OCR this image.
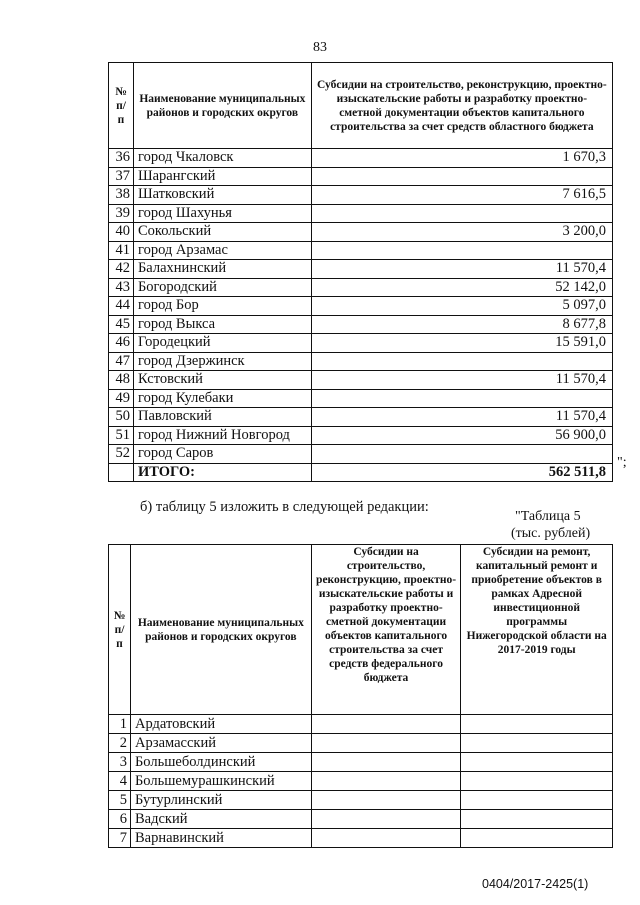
83
№ п/п	Наименование муниципальных районов и городских округов	Субсидии на строительство, реконструкцию, проектно-изыскательские работы и разработку проектно-сметной документации объектов капитального строительства за счет средств областного бюджета
36	город Чкаловск	1 670,3
37	Шарангский	
38	Шатковский	7 616,5
39	город Шахунья	
40	Сокольский	3 200,0
41	город Арзамас	
42	Балахнинский	11 570,4
43	Богородский	52 142,0
44	город Бор	5 097,0
45	город Выкса	8 677,8
46	Городецкий	15 591,0
47	город Дзержинск	
48	Кстовский	11 570,4
49	город Кулебаки	
50	Павловский	11 570,4
51	город Нижний Новгород	56 900,0
52	город Саров	
	ИТОГО:	562 511,8
";
б) таблицу 5 изложить в следующей редакции:
"Таблица 5
(тыс. рублей)
№ п/п	Наименование муниципальных районов и городских округов	Субсидии на строительство, реконструкцию, проектно-изыскательские работы и разработку проектно-сметной документации объектов капитального строительства за счет средств федерального бюджета	Субсидии на ремонт, капитальный ремонт и приобретение объектов в рамках Адресной инвестиционной программы Нижегородской области на 2017-2019 годы
1	Ардатовский		
2	Арзамасский		
3	Большеболдинский		
4	Большемурашкинский		
5	Бутурлинский		
6	Вадский		
7	Варнавинский		
0404/2017-2425(1)
